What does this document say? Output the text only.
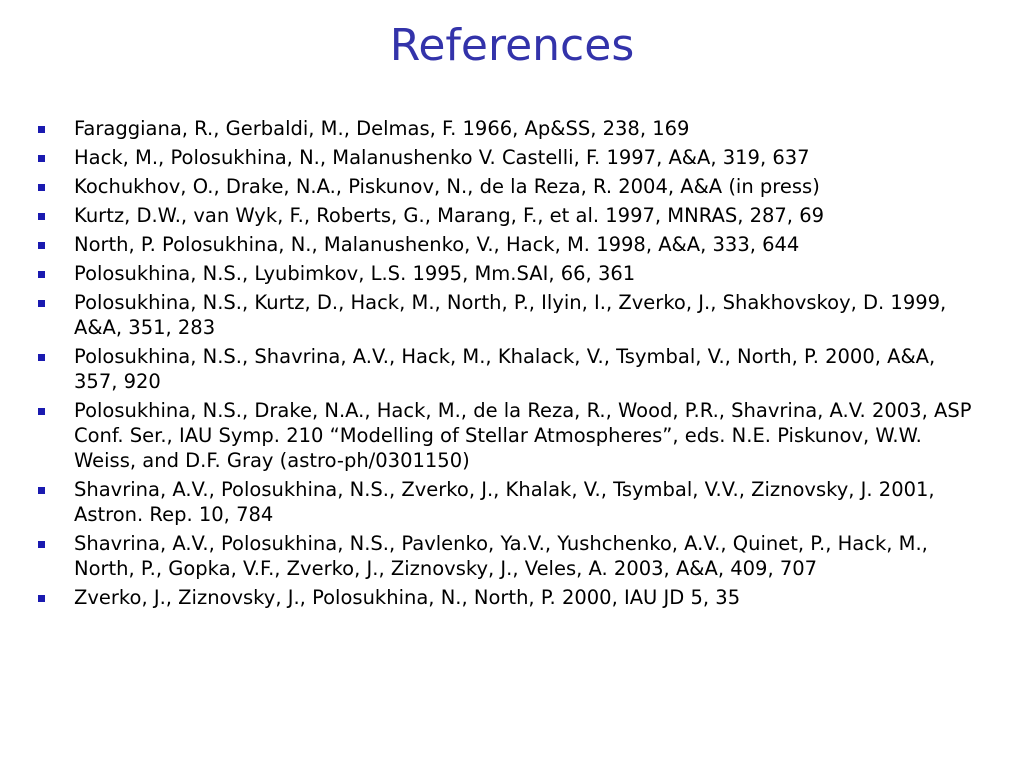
References
Faraggiana, R., Gerbaldi, M., Delmas, F. 1966, Ap&SS, 238, 169
Hack, M., Polosukhina, N., Malanushenko V. Castelli, F. 1997, A&A, 319, 637
Kochukhov, O., Drake, N.A., Piskunov, N., de la Reza, R. 2004, A&A (in press)
Kurtz, D.W., van Wyk, F., Roberts, G., Marang, F., et al. 1997, MNRAS, 287, 69
North, P. Polosukhina, N., Malanushenko, V., Hack, M. 1998, A&A, 333, 644
Polosukhina, N.S., Lyubimkov, L.S. 1995, Mm.SAI, 66, 361
Polosukhina, N.S., Kurtz, D., Hack, M., North, P., Ilyin, I., Zverko, J., Shakhovskoy, D. 1999, A&A, 351, 283
Polosukhina, N.S., Shavrina, A.V., Hack, M., Khalack, V., Tsymbal, V., North, P. 2000, A&A, 357, 920
Polosukhina, N.S., Drake, N.A., Hack, M., de la Reza, R., Wood, P.R., Shavrina, A.V. 2003, ASP Conf. Ser., IAU Symp. 210 “Modelling of Stellar Atmospheres”, eds. N.E. Piskunov, W.W. Weiss, and D.F. Gray (astro-ph/0301150)
Shavrina, A.V., Polosukhina, N.S., Zverko, J., Khalak, V., Tsymbal, V.V., Ziznovsky, J. 2001, Astron. Rep. 10, 784
Shavrina, A.V., Polosukhina, N.S., Pavlenko, Ya.V., Yushchenko, A.V., Quinet, P., Hack, M., North, P., Gopka, V.F., Zverko, J., Ziznovsky, J., Veles, A. 2003, A&A, 409, 707
Zverko, J., Ziznovsky, J., Polosukhina, N., North, P. 2000, IAU JD 5, 35
